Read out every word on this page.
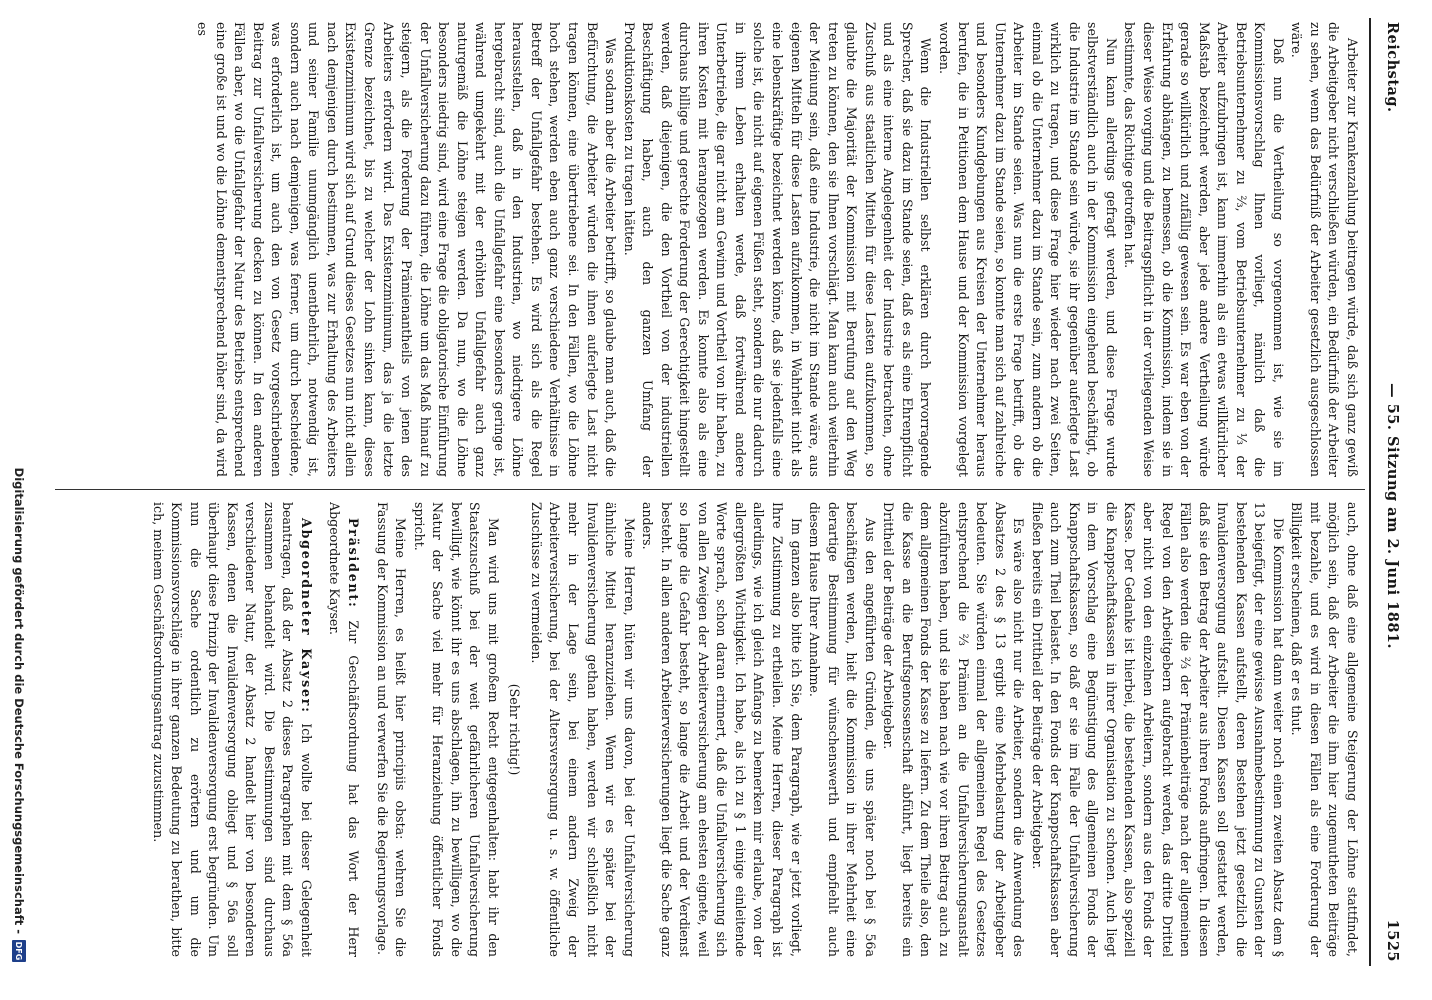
Reichstag.
— 55. Sitzung am 2. Juni 1881.
1525

Arbeiter zur Krankenzahlung beitragen würde, daß sich ganz gewiß die Arbeitgeber nicht verschließen würden, ein Bedürfniß der Arbeiter zu sehen, wenn das Bedürfniß der Arbeiter gesetzlich ausgeschlossen wäre.

Daß nun die Vertheilung so vorgenommen ist, wie sie im Kommissionsvorschlag Ihnen vorliegt, nämlich daß die Betriebsunternehmer zu ⅔, vom Betriebsunternehmer zu ⅓ der Arbeiter aufzubringen ist, kann immerhin als ein etwas willkürlicher Maßstab bezeichnet werden, aber jede andere Vertheilung würde gerade so willkürlich und zufällig gewesen sein. Es war eben von der Erfahrung abhängen, zu bemessen, ob die Kommission, indem sie in dieser Weise vorging und die Beitragspflicht in der vorliegenden Weise bestimmte, das Richtige getroffen hat.

Nun kann allerdings gefragt werden, und diese Frage wurde selbstverständlich auch in der Kommission eingehend beschäftigt, ob die Industrie im Stande sein würde, sie ihr gegenüber auferlegte Last wirklich zu tragen, und diese Frage hier wieder nach zwei Seiten, einmal ob die Unternehmer dazu im Stande sein, zum andern ob die Arbeiter im Stande seien. Was nun die erste Frage betrifft, ob die Unternehmer dazu im Stande seien, so konnte man sich auf zahlreiche und besonders Kundgebungen aus Kreisen der Unternehmer heraus berufen, die in Petitionen dem Hause und der Kommission vorgelegt worden.

Wenn die Industriellen selbst erklären durch hervorragende Sprecher, daß sie dazu im Stande seien, daß es als eine Ehrenpflicht und als eine interne Angelegenheit der Industrie betrachten, ohne Zuschuß aus staatlichen Mitteln für diese Lasten aufzukommen, so glaubte die Majorität der Kommission mit Berufung auf den Weg treten zu können, den sie Ihnen vorschlägt. Man kann auch weiterhin der Meinung sein, daß eine Industrie, die nicht im Stande wäre, aus eigenen Mitteln für diese Lasten aufzukommen, in Wahrheit nicht als eine lebenskräftige bezeichnet werden könne, daß sie jedenfalls eine solche ist, die nicht auf eigenen Füßen steht, sondern die nur dadurch in ihrem Leben erhalten werde, daß fortwährend andere Unterbetriebe, die gar nicht am Gewinn und Vortheil von ihr haben, zu ihren Kosten mit herangezogen werden. Es konnte also als eine durchaus billige und gerechte Forderung der Gerechtigkeit hingestellt werden, daß diejenigen, die den Vortheil von der industriellen Beschäftigung haben, auch den ganzen Umfang der Produktionskosten zu tragen hätten.

Was sodann aber die Arbeiter betrifft, so glaube man auch, daß die Befürchtung, die Arbeiter würden die ihnen auferlegte Last nicht tragen können, eine übertriebene sei. In den Fällen, wo die Löhne hoch stehen, werden eben auch ganz verschiedene Verhältnisse in Betreff der Unfallgefahr bestehen. Es wird sich als die Regel herausstellen, daß in den Industrien, wo niedrigere Löhne hergebracht sind, auch die Unfallgefahr eine besonders geringe ist, während umgekehrt mit der erhöhten Unfallgefahr auch ganz naturgemäß die Löhne steigen werden. Da nun, wo die Löhne besonders niedrig sind, wird eine Frage die obligatorische Einführung der Unfallversicherung dazu führen, die Löhne um das Maß hinauf zu steigern, als die Forderung der Prämienantheils von jenen des Arbeiters erfordern wird. Das Existenzminimum, das ja die letzte Grenze bezeichnet, bis zu welcher der Lohn sinken kann, dieses Existenzminimum wird sich auf Grund dieses Gesetzes nun nicht allein nach demjenigen durch bestimmen, was zur Erhaltung des Arbeiters und seiner Familie unumgänglich unentbehrlich, notwendig ist, sondern auch nach demjenigen, was ferner, um durch bescheidene, was erforderlich ist, um auch den von Gesetz vorgeschriebenen Beitrag zur Unfallversicherung decken zu können. In den anderen Fällen aber, wo die Unfallgefahr der Natur des Betriebs entsprechend eine große ist und wo die Löhne dementsprechend höher sind, da wird es

auch, ohne daß eine allgemeine Steigerung der Löhne stattfindet, möglich sein, daß der Arbeiter die ihm hier zugemutheten Beiträge mit bezahle, und es wird in diesen Fällen als eine Forderung der Billigkeit erscheinen, daß er es thut.

Die Kommission hat dann weiter noch einen zweiten Absatz dem § 13 beigefügt, der eine gewisse Ausnahmebestimmung zu Gunsten der bestehenden Kassen aufstellt, deren Bestehen jetzt gesetzlich die Invalidenversorgung aufstellt. Diesen Kassen soll gestattet werden, daß sie den Betrag der Arbeiter aus ihren Fonds aufbringen. In diesen Fällen also werden die ⅔ der Prämienbeiträge nach der allgemeinen Regel von den Arbeitgebern aufgebracht werden, das dritte Drittel aber nicht von den einzelnen Arbeitern, sondern aus den Fonds der Kasse. Der Gedanke ist hierbei, die bestehenden Kassen, also speziell die Knappschaftskassen in ihrer Organisation zu schonen. Auch liegt in dem Vorschlag eine Begünstigung des allgemeinen Fonds der Knappschaftskassen, so daß er sie im Falle der Unfallversicherung auch zum Theil belastet. In den Fonds der Knappschaftskassen aber fließen bereits ein Drittheil der Beiträge der Arbeitgeber.

Es wäre also nicht nur die Arbeiter, sondern die Anwendung des Absatzes 2 des § 13 ergibt eine Mehrbelastung der Arbeitgeber bedeuten. Sie würden einmal der allgemeinen Regel des Gesetzes entsprechend die ⅔ Prämien an die Unfallversicherungsanstalt abzuführen haben, und sie haben nach wie vor ihren Beitrag auch zu dem allgemeinen Fonds der Kasse zu liefern. Zu dem Theile also, den die Kasse an die Berufsgenossenschaft abführt, liegt bereits ein Drittheil der Beiträge der Arbeitgeber.

Aus den angeführten Gründen, die uns später noch bei § 56a beschäftigen werden, hielt die Kommission in ihrer Mehrheit eine derartige Bestimmung für wünschenswerth und empfiehlt auch diesem Hause Ihrer Annahme.

Im ganzen also bitte ich Sie, dem Paragraph, wie er jetzt vorliegt, Ihre Zustimmung zu ertheilen. Meine Herren, dieser Paragraph ist allerdings, wie ich gleich Anfangs zu bemerken mir erlaube, von der allergrößten Wichtigkeit. Ich habe, als ich zu § 1 einige einleitende Worte sprach, schon daran erinnert, daß die Unfallversicherung sich von allen Zweigen der Arbeiterversicherung am ehesten eignete, weil so lange die Gefahr besteht, so lange die Arbeit und der Verdienst besteht. In allen anderen Arbeiterversicherungen liegt die Sache ganz anders.

Meine Herren, hüten wir uns davon, bei der Unfallversicherung ähnliche Mittel heranzuziehen. Wenn wir es später bei der Invalidenversicherung gethan haben, werden wir schließlich nicht mehr in der Lage sein, bei einem andern Zweig der Arbeiterversicherung, bei der Altersversorgung u. s. w. öffentliche Zuschüsse zu vermeiden.

(Sehr richtig!)

Man wird uns mit großem Recht entgegenhalten: habt ihr den Staatszuschuß bei der weit gefährlicheren Unfallversicherung bewilligt, wie könnt ihr es uns abschlagen, ihn zu bewilligen, wo die Natur der Sache viel mehr für Heranziehung öffentlicher Fonds spricht.

Meine Herren, es heißt hier principiis obsta: wehren Sie die Fassung der Kommission an und verwerfen Sie die Regierungsvorlage.

Präsident: Zur Geschäftsordnung hat das Wort der Herr Abgeordnete Kayser.

Abgeordneter Kayser: Ich wollte bei dieser Gelegenheit beantragen, daß der Absatz 2 dieses Paragraphen mit dem § 56a zusammen behandelt wird. Die Bestimmungen sind durchaus verschiedener Natur, der Absatz 2 handelt hier von besonderen Kassen, denen die Invalidenversorgung obliegt und § 56a soll überhaupt diese Prinzip der Invalidenversorgung erst begründen. Um nun die Sache ordentlich zu erörtern und um die Kommissionsvorschläge in ihrer ganzen Bedeutung zu berathen, bitte ich, meinem Geschäftsordnungsantrag zuzustimmen.

Digitalisierung gefördert durch die Deutsche Forschungsgemeinschaft -
DFG
